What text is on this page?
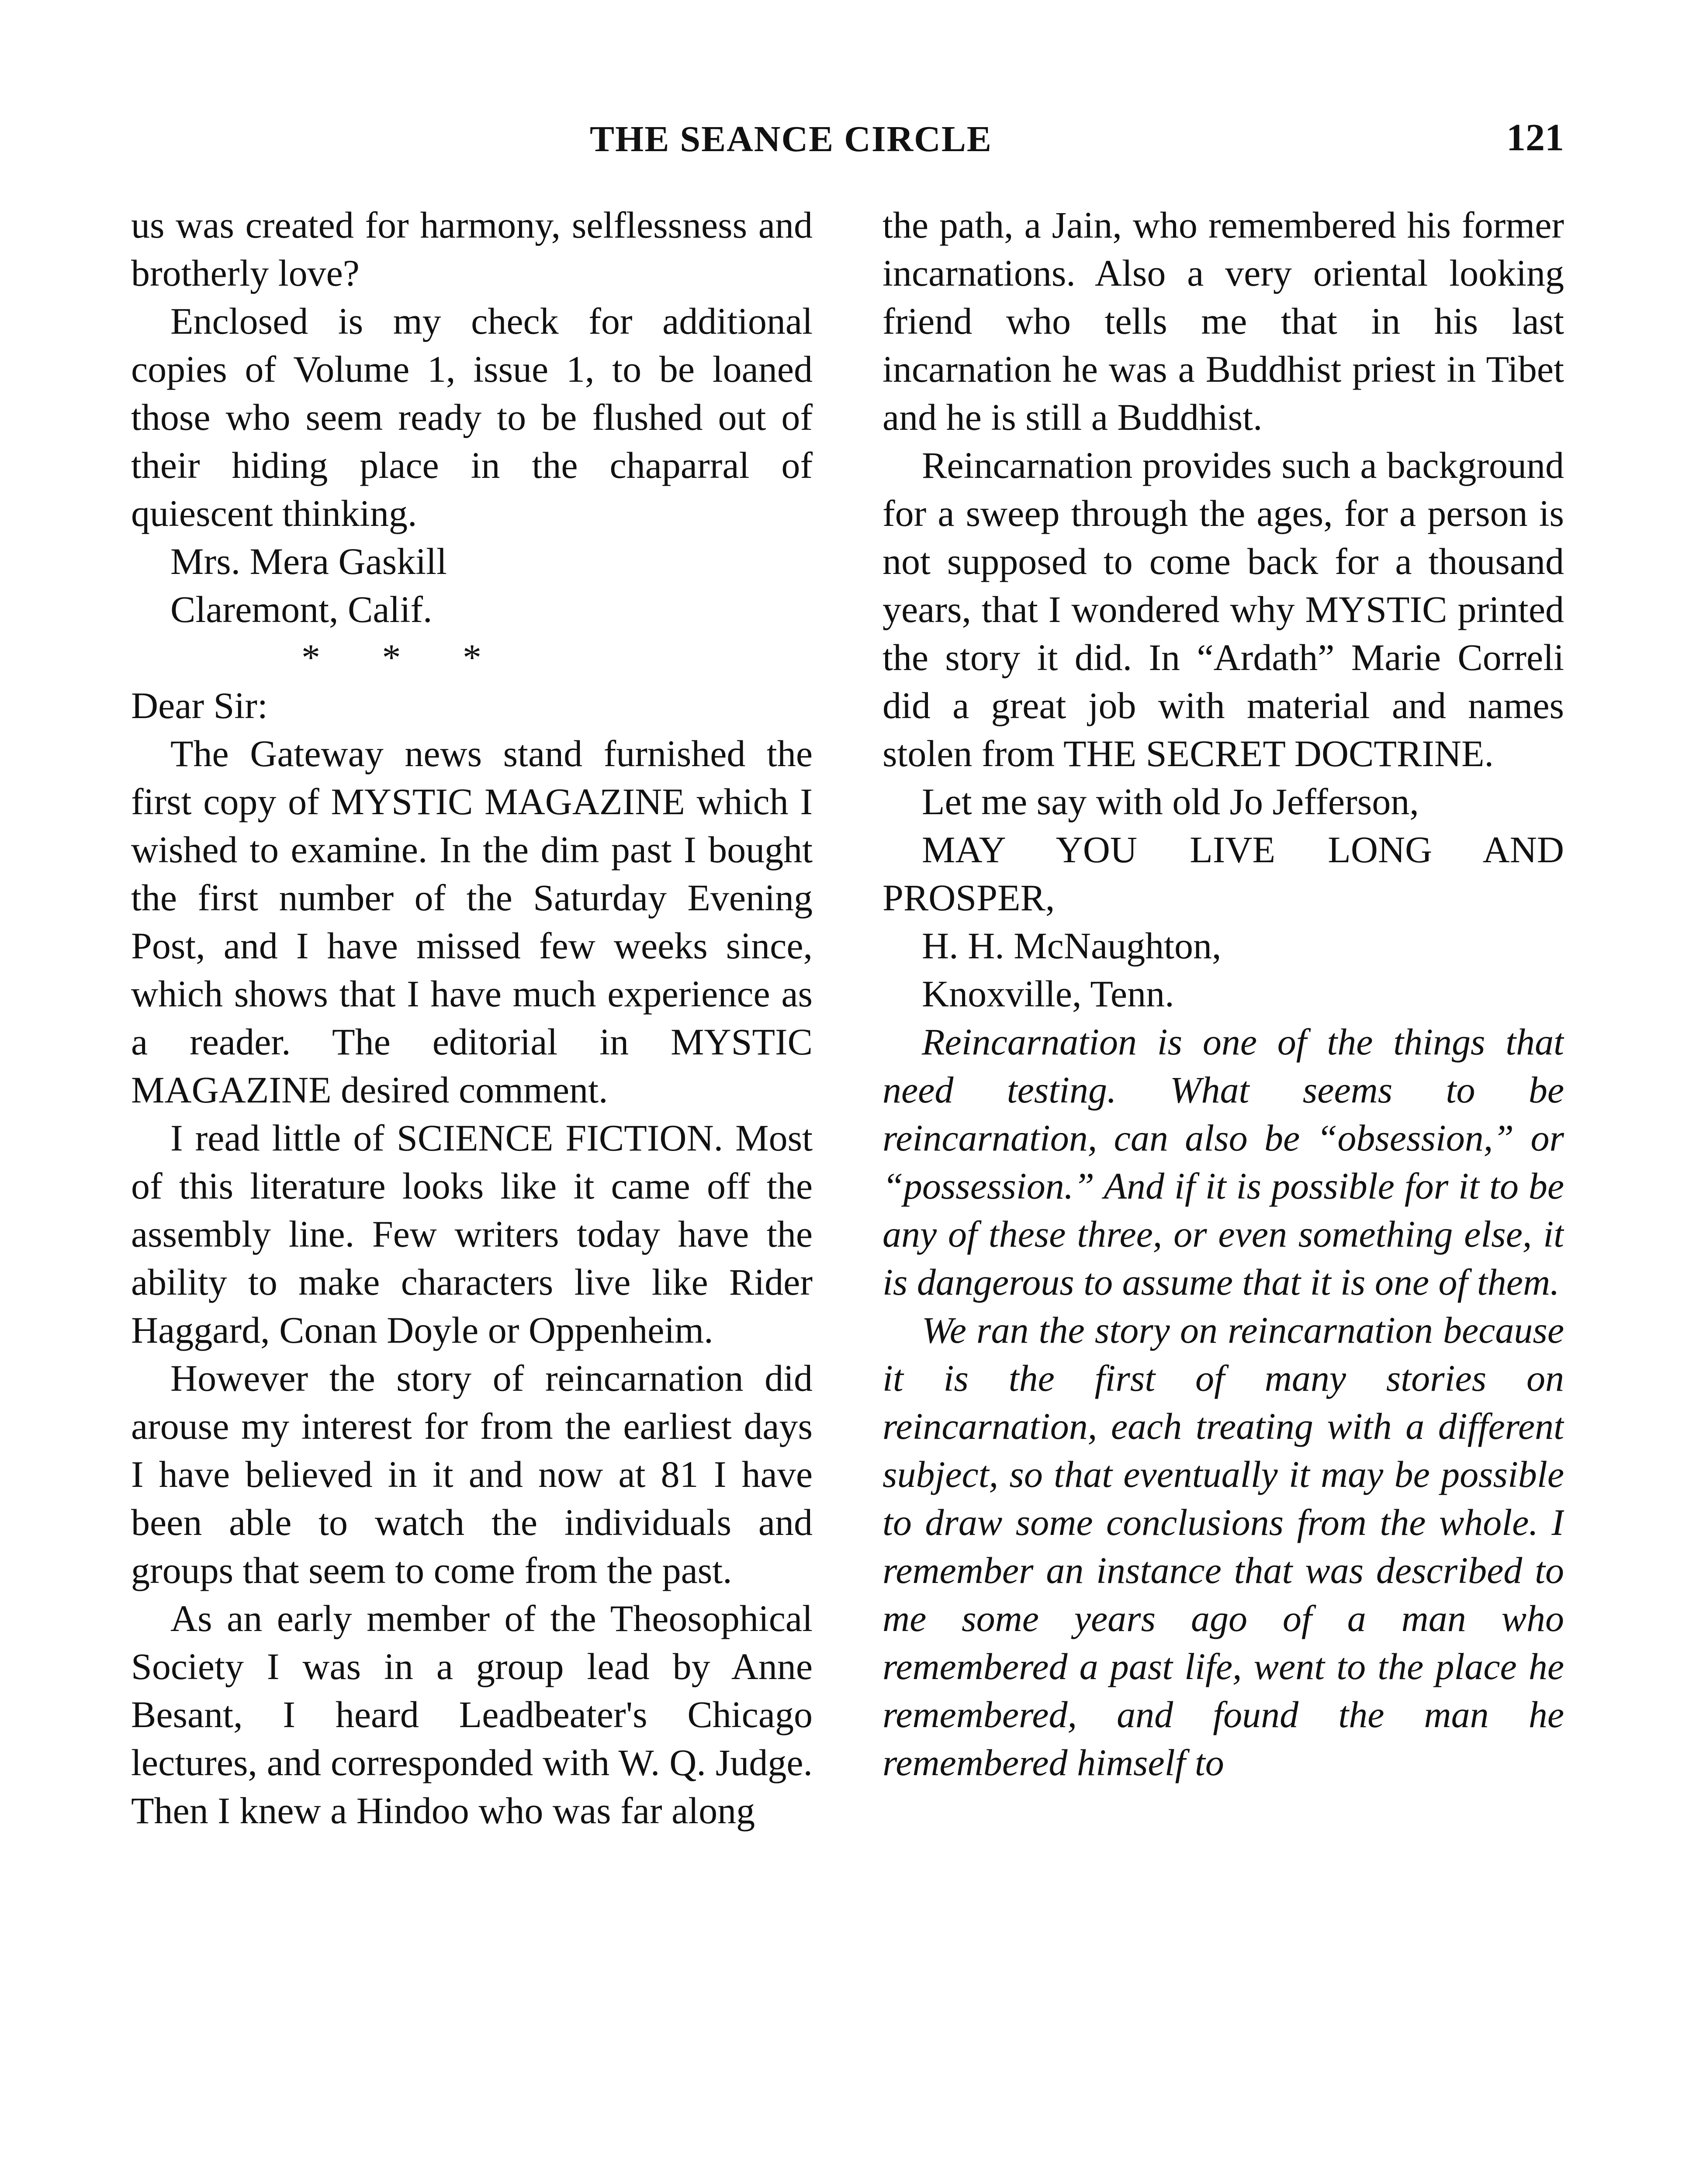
THE SEANCE CIRCLE	121

us was created for harmony, selflessness and brotherly love?

Enclosed is my check for additional copies of Volume 1, issue 1, to be loaned those who seem ready to be flushed out of their hiding place in the chaparral of quiescent thinking.

Mrs. Mera Gaskill

Claremont, Calif.

* * *

Dear Sir:

The Gateway news stand furnished the first copy of MYSTIC MAGAZINE which I wished to examine. In the dim past I bought the first number of the Saturday Evening Post, and I have missed few weeks since, which shows that I have much experience as a reader. The editorial in MYSTIC MAGAZINE desired comment.

I read little of SCIENCE FICTION. Most of this literature looks like it came off the assembly line. Few writers today have the ability to make characters live like Rider Haggard, Conan Doyle or Oppenheim.

However the story of reincarnation did arouse my interest for from the earliest days I have believed in it and now at 81 I have been able to watch the individuals and groups that seem to come from the past.

As an early member of the Theosophical Society I was in a group lead by Anne Besant, I heard Leadbeater's Chicago lectures, and corresponded with W. Q. Judge. Then I knew a Hindoo who was far along

the path, a Jain, who remembered his former incarnations. Also a very oriental looking friend who tells me that in his last incarnation he was a Buddhist priest in Tibet and he is still a Buddhist.

Reincarnation provides such a background for a sweep through the ages, for a person is not supposed to come back for a thousand years, that I wondered why MYSTIC printed the story it did. In “Ardath” Marie Correli did a great job with material and names stolen from THE SECRET DOCTRINE.

Let me say with old Jo Jefferson,

MAY YOU LIVE LONG AND PROSPER,

H. H. McNaughton,

Knoxville, Tenn.

Reincarnation is one of the things that need testing. What seems to be reincarnation, can also be “obsession,” or “possession.” And if it is possible for it to be any of these three, or even something else, it is dangerous to assume that it is one of them.

We ran the story on reincarnation because it is the first of many stories on reincarnation, each treating with a different subject, so that eventually it may be possible to draw some conclusions from the whole. I remember an instance that was described to me some years ago of a man who remembered a past life, went to the place he remembered, and found the man he remembered himself to
